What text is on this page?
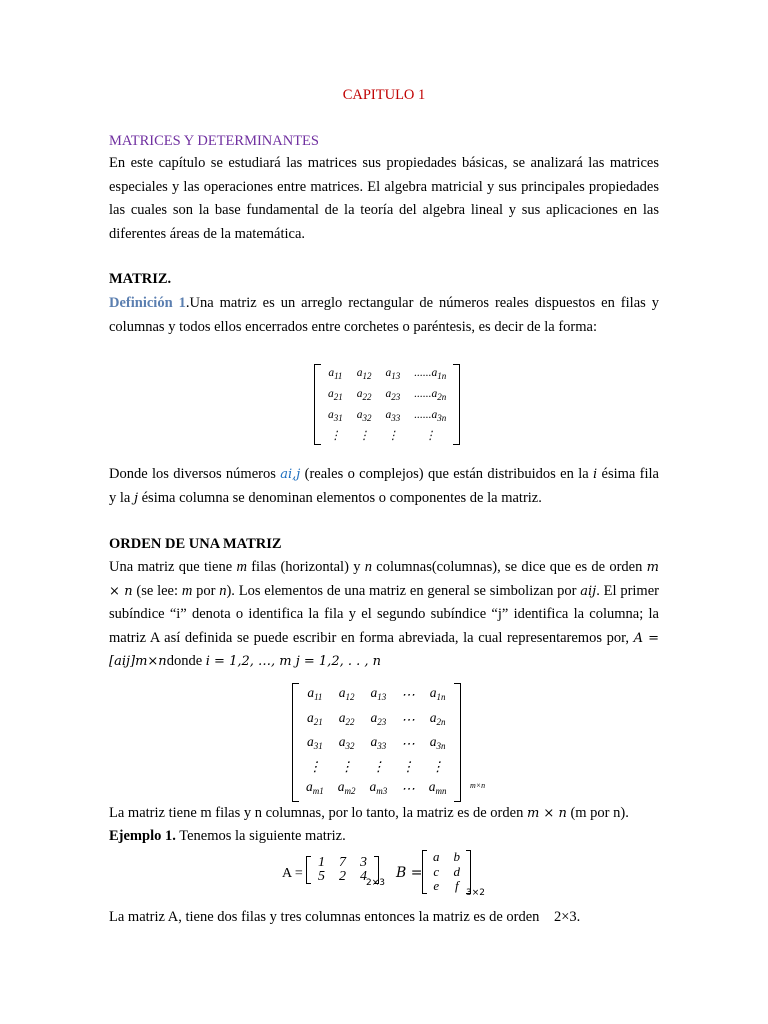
CAPITULO 1
MATRICES Y DETERMINANTES
En este capítulo se estudiará las matrices sus propiedades básicas, se analizará las matrices especiales y las operaciones entre matrices. El algebra matricial y sus principales propiedades las cuales son la base fundamental de la teoría del algebra lineal y sus aplicaciones en las diferentes áreas de la matemática.
MATRIZ.
Definición 1.Una matriz es un arreglo rectangular de números reales dispuestos en filas y columnas y todos ellos encerrados entre corchetes o paréntesis, es decir de la forma:
$a_{11}$	$a_{12}$	$a_{13}$	$......a_{1n}$
$a_{21}$	$a_{22}$	$a_{23}$	$......a_{2n}$
$a_{31}$	$a_{32}$	$a_{33}$	$......a_{3n}$
⋮	⋮	⋮	⋮
Donde los diversos números ai,j (reales o complejos) que están distribuidos en la i ésima fila y la j ésima columna se denominan elementos o componentes de la matriz.
ORDEN DE UNA MATRIZ
Una matriz que tiene m filas (horizontal) y n columnas(columnas), se dice que es de orden m × n (se lee: m por n). Los elementos de una matriz en general se simbolizan por aij. El primer subíndice “i” denota o identifica la fila y el segundo subíndice “j” identifica la columna; la matriz A así definida se puede escribir en forma abreviada, la cual representaremos por, A = [aij]m×ndonde i = 1,2, …, m j = 1,2, . . , n
$a_{11}$	$a_{12}$	$a_{13}$	⋯	$a_{1n}$
$a_{21}$	$a_{22}$	$a_{23}$	⋯	$a_{2n}$
$a_{31}$	$a_{32}$	$a_{33}$	⋯	$a_{3n}$
⋮	⋮	⋮	⋮	⋮
$a_{m1}$	$a_{m2}$	$a_{m3}$	⋯	$a_{mn}$
m×n
La matriz tiene m filas y n columnas, por lo tanto, la matriz es de orden m × n (m por n).
Ejemplo 1. Tenemos la siguiente matriz.
A =
1	7	3
5	2	4 2×3
B =
a	b
c	d
e	f 3×2
La matriz A, tiene dos filas y tres columnas entonces la matriz es de orden 2×3.
